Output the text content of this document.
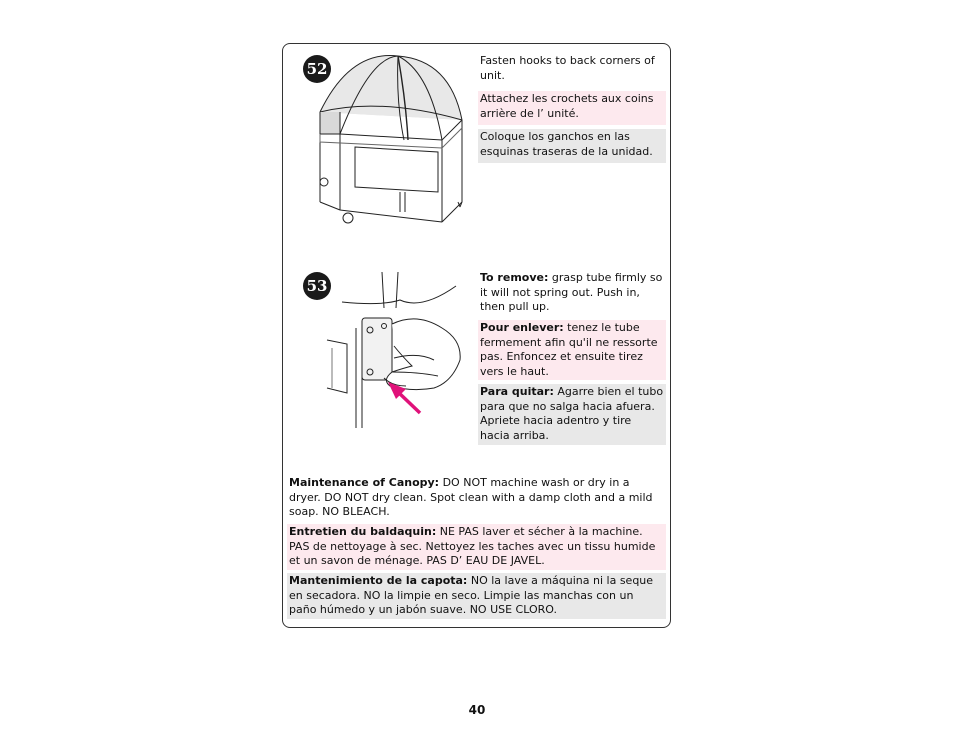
52	Fasten hooks to back corners of unit.
Attachez les crochets aux coins arrière de l’ unité.
Coloque los ganchos en las esquinas traseras de la unidad.
53	To remove: grasp tube firmly so it will not spring out. Push in, then pull up.
Pour enlever: tenez le tube fermement afin qu'il ne ressorte pas. Enfoncez et ensuite tirez vers le haut.
Para quitar: Agarre bien el tubo para que no salga hacia afuera. Apriete hacia adentro y tire hacia arriba.
Maintenance of Canopy: DO NOT machine wash or dry in a dryer. DO NOT dry clean. Spot clean with a damp cloth and a mild soap. NO BLEACH.
Entretien du baldaquin: NE PAS laver et sécher à la machine. PAS de nettoyage à sec. Nettoyez les taches avec un tissu humide et un savon de ménage. PAS D’ EAU DE JAVEL.
Mantenimiento de la capota: NO la lave a máquina ni la seque en secadora. NO la limpie en seco. Limpie las manchas con un paño húmedo y un jabón suave. NO USE CLORO.
40
